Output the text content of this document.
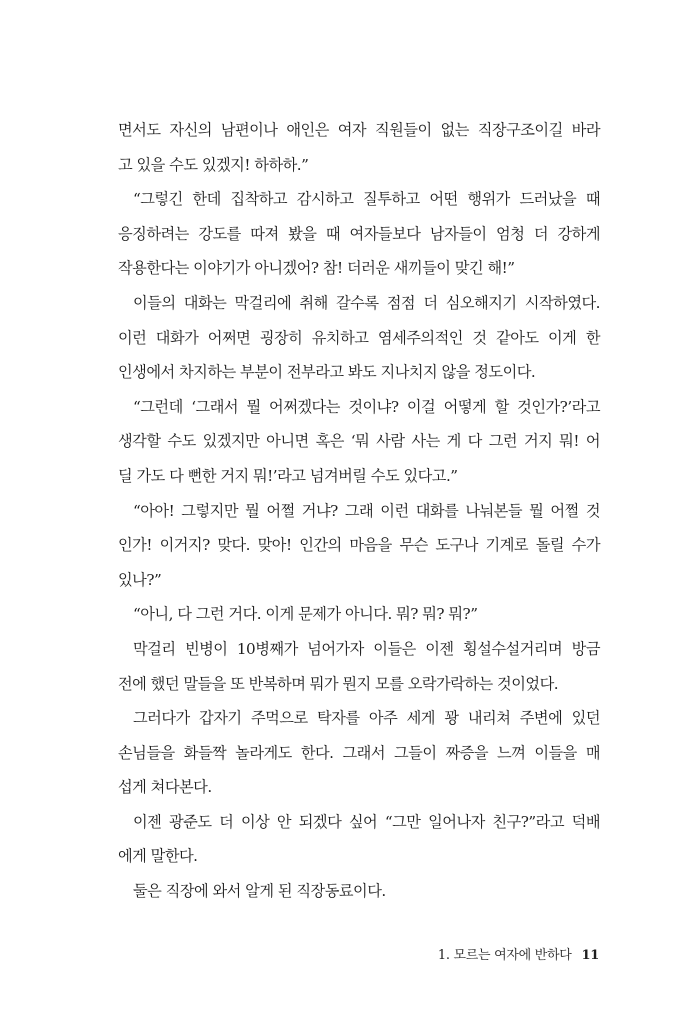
면서도 자신의 남편이나 애인은 여자 직원들이 없는 직장구조이길 바라
고 있을 수도 있겠지! 하하하.”
“그렇긴 한데 집착하고 감시하고 질투하고 어떤 행위가 드러났을 때
응징하려는 강도를 따져 봤을 때 여자들보다 남자들이 엄청 더 강하게
작용한다는 이야기가 아니겠어? 참! 더러운 새끼들이 맞긴 해!”
이들의 대화는 막걸리에 취해 갈수록 점점 더 심오해지기 시작하였다.
이런 대화가 어쩌면 굉장히 유치하고 염세주의적인 것 같아도 이게 한
인생에서 차지하는 부분이 전부라고 봐도 지나치지 않을 정도이다.
“그런데 ‘그래서 뭘 어쩌겠다는 것이냐? 이걸 어떻게 할 것인가?’라고
생각할 수도 있겠지만 아니면 혹은 ‘뭐 사람 사는 게 다 그런 거지 뭐! 어
딜 가도 다 뻔한 거지 뭐!’라고 넘겨버릴 수도 있다고.”
“아아! 그렇지만 뭘 어쩔 거냐? 그래 이런 대화를 나눠본들 뭘 어쩔 것
인가! 이거지? 맞다. 맞아! 인간의 마음을 무슨 도구나 기계로 돌릴 수가
있나?”
“아니, 다 그런 거다. 이게 문제가 아니다. 뭐? 뭐? 뭐?”
막걸리 빈병이 10병째가 넘어가자 이들은 이젠 횡설수설거리며 방금
전에 했던 말들을 또 반복하며 뭐가 뭔지 모를 오락가락하는 것이었다.
그러다가 갑자기 주먹으로 탁자를 아주 세게 꽝 내리쳐 주변에 있던
손님들을 화들짝 놀라게도 한다. 그래서 그들이 짜증을 느껴 이들을 매
섭게 쳐다본다.
이젠 광준도 더 이상 안 되겠다 싶어 “그만 일어나자 친구?”라고 덕배
에게 말한다.
둘은 직장에 와서 알게 된 직장동료이다.
1. 모르는 여자에 반하다 11
